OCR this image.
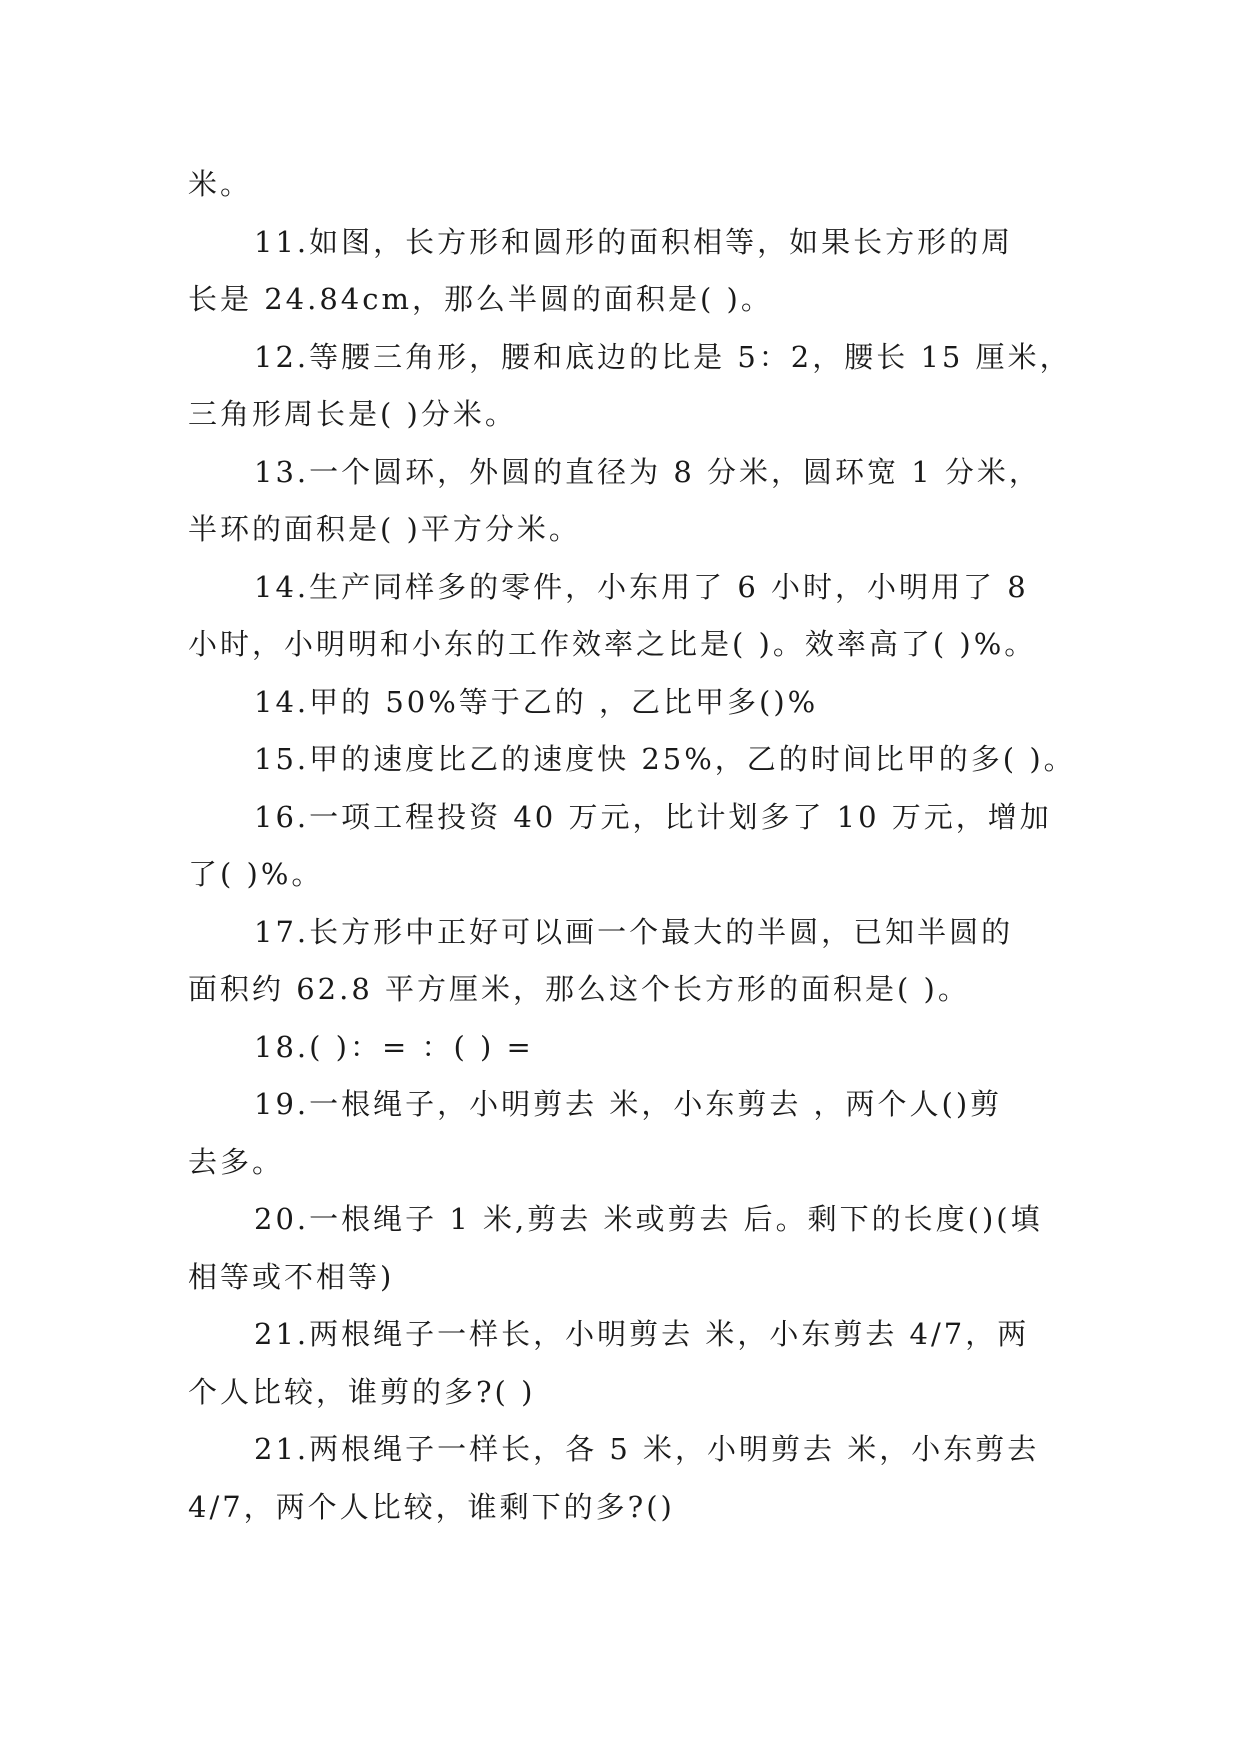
米。
11.如图，长方形和圆形的面积相等，如果长方形的周
长是 24.84cm，那么半圆的面积是( )。
12.等腰三角形，腰和底边的比是 5：2，腰长 15 厘米，
三角形周长是( )分米。
13.一个圆环，外圆的直径为 8 分米，圆环宽 1 分米，
半环的面积是( )平方分米。
14.生产同样多的零件，小东用了 6 小时，小明用了 8
小时，小明明和小东的工作效率之比是( )。效率高了( )%。
14.甲的 50%等于乙的 ，乙比甲多()%
15.甲的速度比乙的速度快 25%，乙的时间比甲的多( )。
16.一项工程投资 40 万元，比计划多了 10 万元，增加
了( )%。
17.长方形中正好可以画一个最大的半圆，已知半圆的
面积约 62.8 平方厘米，那么这个长方形的面积是( )。
18.( )：= ：( ) =
19.一根绳子，小明剪去 米，小东剪去 ，两个人()剪
去多。
20.一根绳子 1 米,剪去 米或剪去 后。剩下的长度()(填
相等或不相等)
21.两根绳子一样长，小明剪去 米，小东剪去 4/7，两
个人比较，谁剪的多?( )
21.两根绳子一样长，各 5 米，小明剪去 米，小东剪去
4/7，两个人比较，谁剩下的多?()
